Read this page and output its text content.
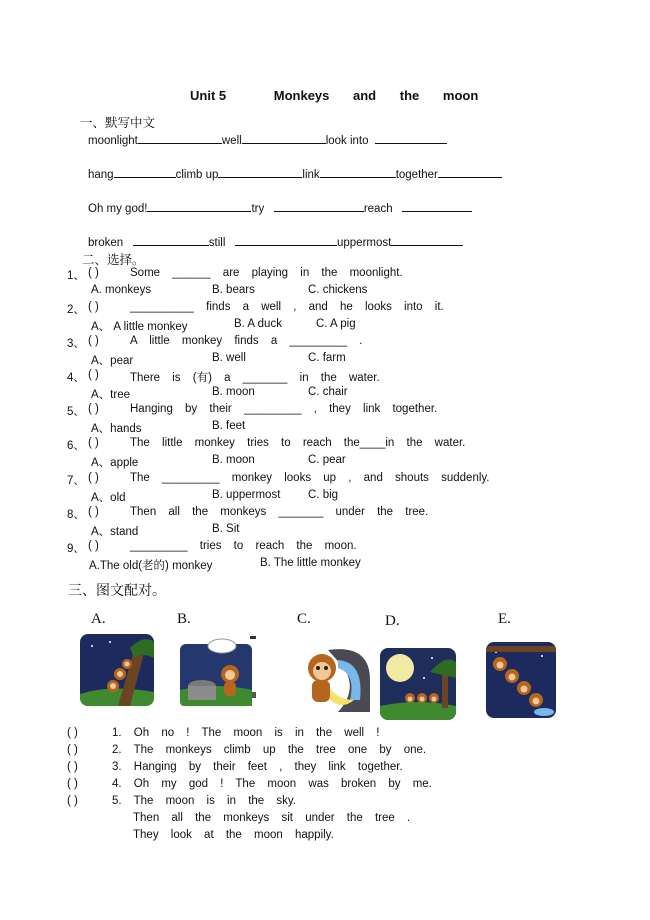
Unit 5	Monkeys and the moon
一、默写中文
moonlight	well	look into
hang	climb up	link	together
Oh my god!	try	reach
broken	still	uppermost
二、选择。
1、 ( )	Some ______ are playing in the moonlight.
A. monkeys	B. bears	C. chickens
2、 ( )	__________ finds a well , and he looks into it.
A、 A little monkey	B. A duck	C. A pig
3、 ( )	A little monkey finds a _________ .
A、pear	B. well	C. farm
4、 ( )	There is (有) a _______ in the water.
A、tree	B. moon	C. chair
5、 ( )	Hanging by their _________ , they link together.
A、hands	B. feet
6、 ( )	The little monkey tries to reach the____in the water.
A、apple	B. moon	C. pear
7、 ( )	The _________ monkey looks up , and shouts suddenly.
A、old	B. uppermost C. big
8、 ( )	Then all the monkeys _______ under the tree.
A、stand	B. Sit
9、 ( )	_________ tries to reach the moon.
A.The old(老的) monkey	B. The little monkey
三、图文配对。
A.	B.	C.	D.	E.
( )	1. Oh no ! The moon is in the well !
( )	2. The monkeys climb up the tree one by one.
( )	3. Hanging by their feet , they link together.
( )	4. Oh my god ! The moon was broken by me.
( )	5. The moon is in the sky.
Then all the monkeys sit under the tree .
They look at the moon happily.
